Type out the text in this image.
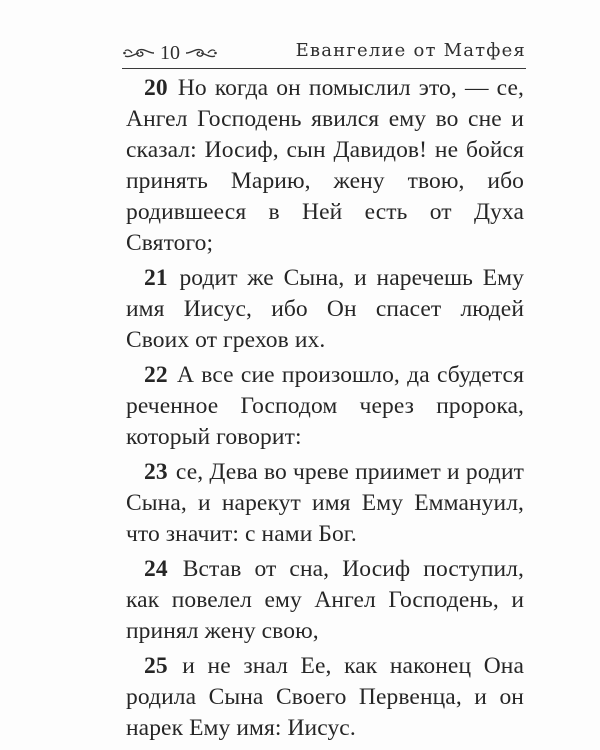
10	Евангелие от Матфея

20 Но когда он помыслил это, — се, Ангел Господень явился ему во сне и сказал: Иосиф, сын Давидов! не бойся принять Марию, жену твою, ибо родившееся в Ней есть от Духа Святого;

21 родит же Сына, и наречешь Ему имя Иисус, ибо Он спасет людей Своих от грехов их.

22 А все сие произошло, да сбудется реченное Господом через пророка, который говорит:

23 се, Дева во чреве приимет и родит Сына, и нарекут имя Ему Еммануил, что значит: с нами Бог.

24 Встав от сна, Иосиф поступил, как повелел ему Ангел Господень, и принял жену свою,

25 и не знал Ее, как наконец Она родила Сына Своего Первенца, и он нарек Ему имя: Иисус.
